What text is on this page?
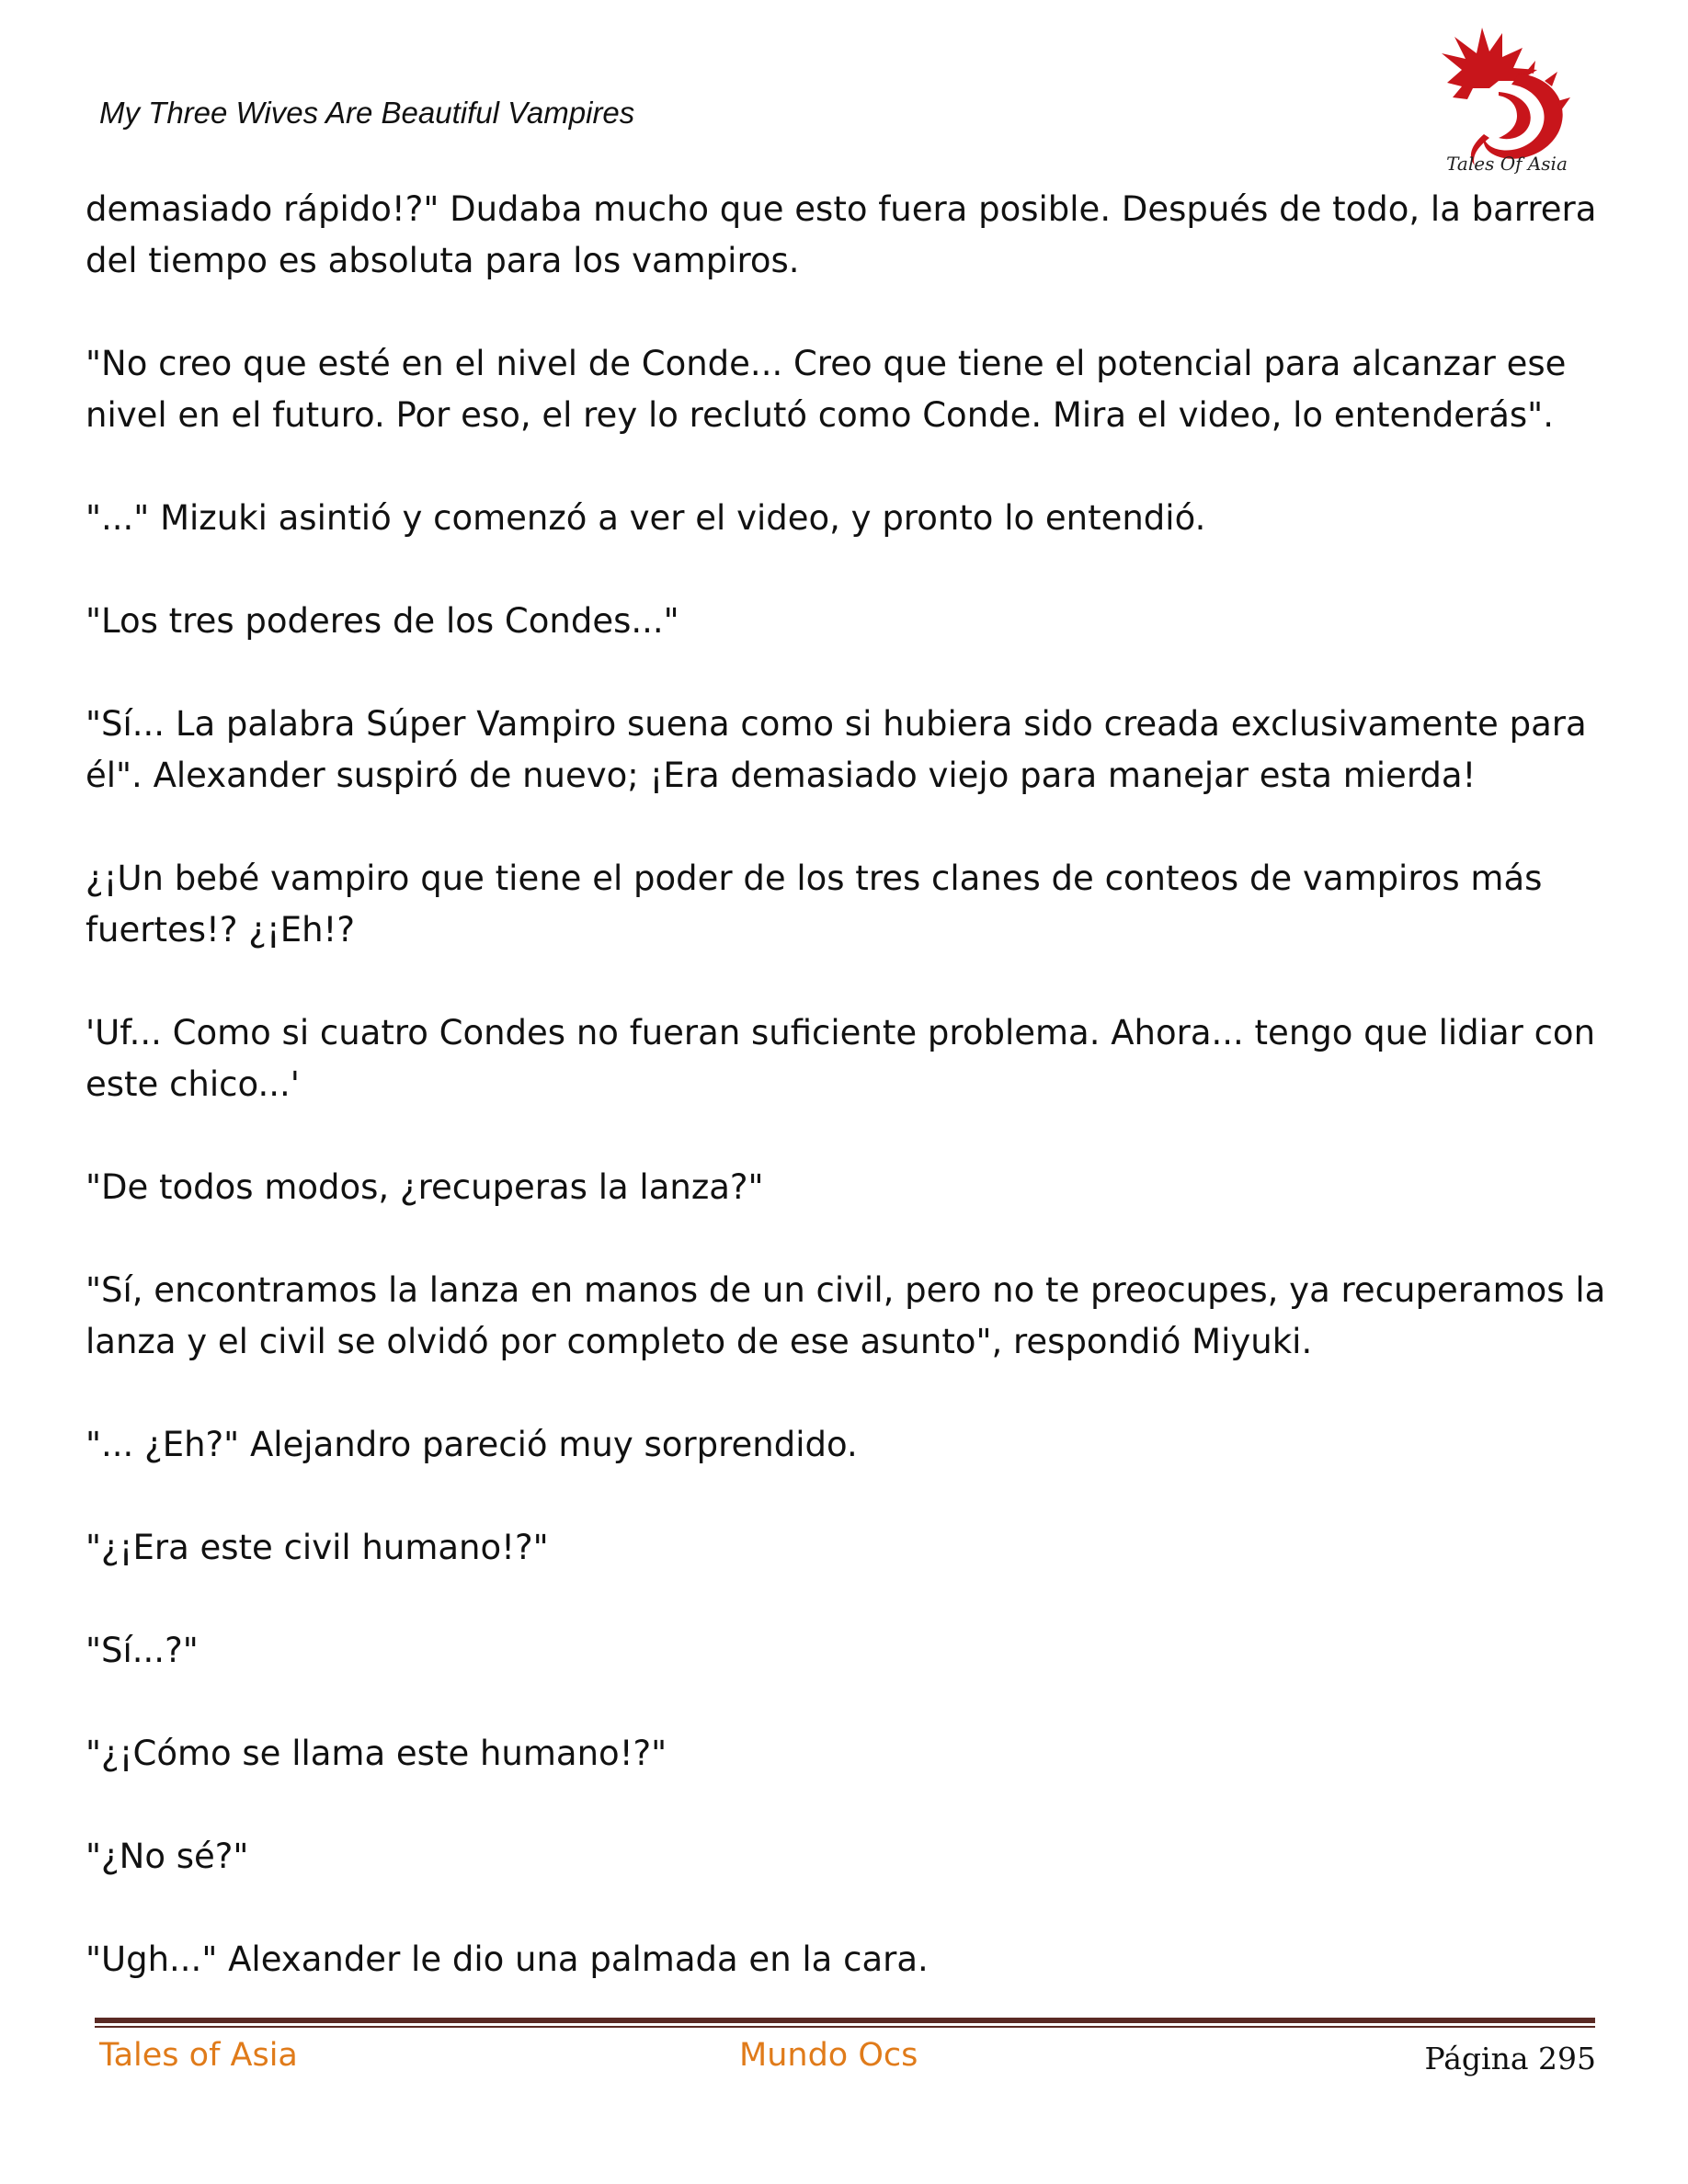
My Three Wives Are Beautiful Vampires
Tales Of Asia

demasiado rápido!?" Dudaba mucho que esto fuera posible. Después de todo, la barrera del tiempo es absoluta para los vampiros.

"No creo que esté en el nivel de Conde... Creo que tiene el potencial para alcanzar ese nivel en el futuro. Por eso, el rey lo reclutó como Conde. Mira el video, lo entenderás".

"..." Mizuki asintió y comenzó a ver el video, y pronto lo entendió.

"Los tres poderes de los Condes..."

"Sí... La palabra Súper Vampiro suena como si hubiera sido creada exclusivamente para él". Alexander suspiró de nuevo; ¡Era demasiado viejo para manejar esta mierda!

¿¡Un bebé vampiro que tiene el poder de los tres clanes de conteos de vampiros más fuertes!? ¿¡Eh!?

'Uf... Como si cuatro Condes no fueran suficiente problema. Ahora... tengo que lidiar con este chico...'

"De todos modos, ¿recuperas la lanza?"

"Sí, encontramos la lanza en manos de un civil, pero no te preocupes, ya recuperamos la lanza y el civil se olvidó por completo de ese asunto", respondió Miyuki.

"... ¿Eh?" Alejandro pareció muy sorprendido.

"¿¡Era este civil humano!?"

"Sí...?"

"¿¡Cómo se llama este humano!?"

"¿No sé?"

"Ugh..." Alexander le dio una palmada en la cara.

Tales of Asia	Mundo Ocs	Página 295
